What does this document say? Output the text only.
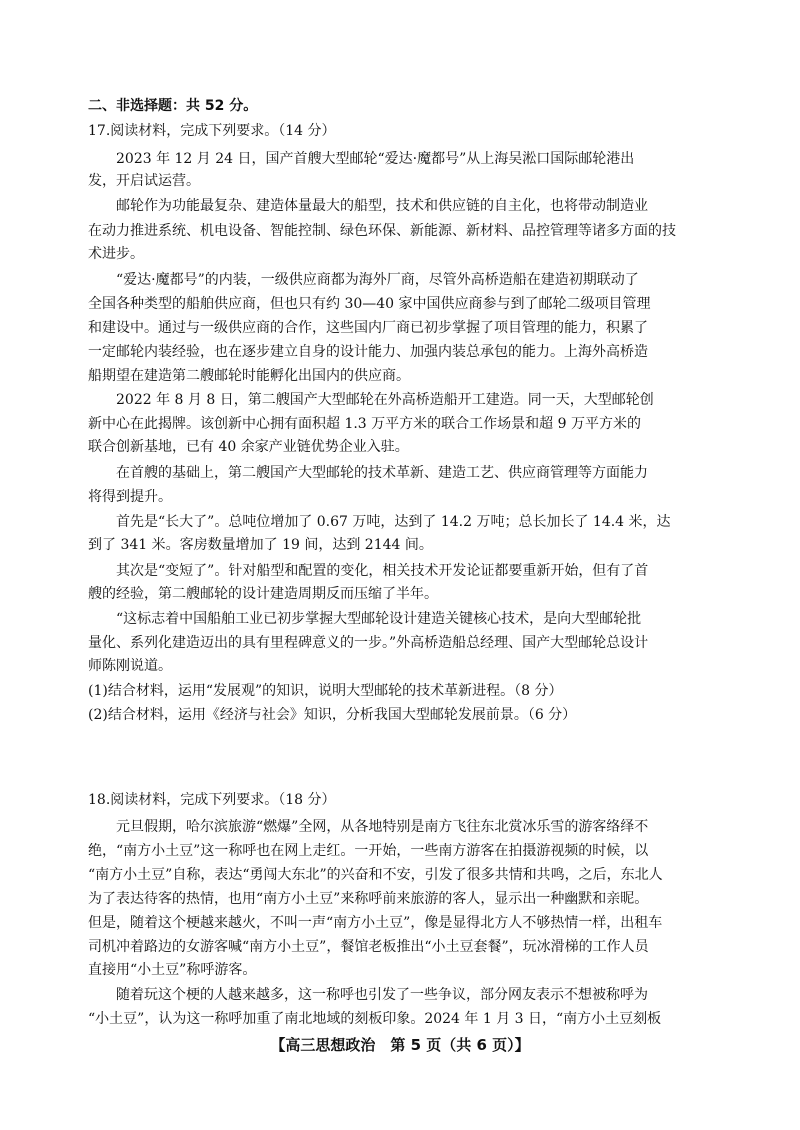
二、非选择题：共 52 分。
17.阅读材料，完成下列要求。（14 分）
2023 年 12 月 24 日，国产首艘大型邮轮“爱达·魔都号”从上海吴淞口国际邮轮港出
发，开启试运营。
邮轮作为功能最复杂、建造体量最大的船型，技术和供应链的自主化，也将带动制造业
在动力推进系统、机电设备、智能控制、绿色环保、新能源、新材料、品控管理等诸多方面的技
术进步。
“爱达·魔都号”的内装，一级供应商都为海外厂商，尽管外高桥造船在建造初期联动了
全国各种类型的船舶供应商，但也只有约 30—40 家中国供应商参与到了邮轮二级项目管理
和建设中。通过与一级供应商的合作，这些国内厂商已初步掌握了项目管理的能力，积累了
一定邮轮内装经验，也在逐步建立自身的设计能力、加强内装总承包的能力。上海外高桥造
船期望在建造第二艘邮轮时能孵化出国内的供应商。
2022 年 8 月 8 日，第二艘国产大型邮轮在外高桥造船开工建造。同一天，大型邮轮创
新中心在此揭牌。该创新中心拥有面积超 1.3 万平方米的联合工作场景和超 9 万平方米的
联合创新基地，已有 40 余家产业链优势企业入驻。
在首艘的基础上，第二艘国产大型邮轮的技术革新、建造工艺、供应商管理等方面能力
将得到提升。
首先是“长大了”。总吨位增加了 0.67 万吨，达到了 14.2 万吨；总长加长了 14.4 米，达
到了 341 米。客房数量增加了 19 间，达到 2144 间。
其次是“变短了”。针对船型和配置的变化，相关技术开发论证都要重新开始，但有了首
艘的经验，第二艘邮轮的设计建造周期反而压缩了半年。
“这标志着中国船舶工业已初步掌握大型邮轮设计建造关键核心技术，是向大型邮轮批
量化、系列化建造迈出的具有里程碑意义的一步。”外高桥造船总经理、国产大型邮轮总设计
师陈刚说道。
(1)结合材料，运用“发展观”的知识，说明大型邮轮的技术革新进程。（8 分）
(2)结合材料，运用《经济与社会》知识，分析我国大型邮轮发展前景。（6 分）
18.阅读材料，完成下列要求。（18 分）
元旦假期，哈尔滨旅游“燃爆”全网，从各地特别是南方飞往东北赏冰乐雪的游客络绎不
绝，“南方小土豆”这一称呼也在网上走红。一开始，一些南方游客在拍摄游视频的时候，以
“南方小土豆”自称，表达“勇闯大东北”的兴奋和不安，引发了很多共情和共鸣，之后，东北人
为了表达待客的热情，也用“南方小土豆”来称呼前来旅游的客人，显示出一种幽默和亲昵。
但是，随着这个梗越来越火，不叫一声“南方小土豆”，像是显得北方人不够热情一样，出租车
司机冲着路边的女游客喊“南方小土豆”，餐馆老板推出“小土豆套餐”，玩冰滑梯的工作人员
直接用“小土豆”称呼游客。
随着玩这个梗的人越来越多，这一称呼也引发了一些争议，部分网友表示不想被称呼为
“小土豆”，认为这一称呼加重了南北地域的刻板印象。2024 年 1 月 3 日，“南方小土豆刻板
【高三思想政治　第 5 页（共 6 页）】
